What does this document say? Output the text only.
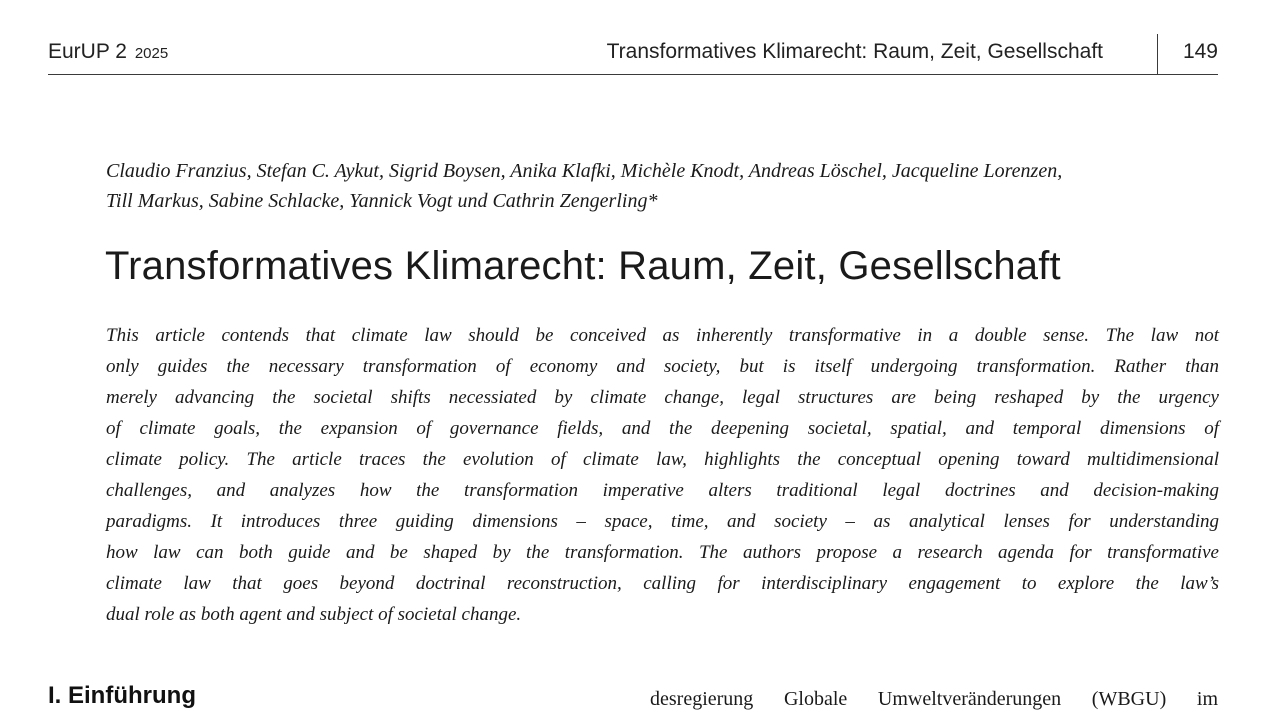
EurUP 2 2025	Transformatives Klimarecht: Raum, Zeit, Gesellschaft	149
Claudio Franzius, Stefan C. Aykut, Sigrid Boysen, Anika Klafki, Michèle Knodt, Andreas Löschel, Jacqueline Lorenzen,
Till Markus, Sabine Schlacke, Yannick Vogt und Cathrin Zengerling*
Transformatives Klimarecht: Raum, Zeit, Gesellschaft
This article contends that climate law should be conceived as inherently transformative in a double sense. The law not
only guides the necessary transformation of economy and society, but is itself undergoing transformation. Rather than
merely advancing the societal shifts necessiated by climate change, legal structures are being reshaped by the urgency
of climate goals, the expansion of governance fields, and the deepening societal, spatial, and temporal dimensions of
climate policy. The article traces the evolution of climate law, highlights the conceptual opening toward multidimensional
challenges, and analyzes how the transformation imperative alters traditional legal doctrines and decision-making
paradigms. It introduces three guiding dimensions – space, time, and society – as analytical lenses for understanding
how law can both guide and be shaped by the transformation. The authors propose a research agenda for transformative
climate law that goes beyond doctrinal reconstruction, calling for interdisciplinary engagement to explore the law’s
dual role as both agent and subject of societal change.
I. Einführung	desregierung Globale Umweltveränderungen (WBGU) im
